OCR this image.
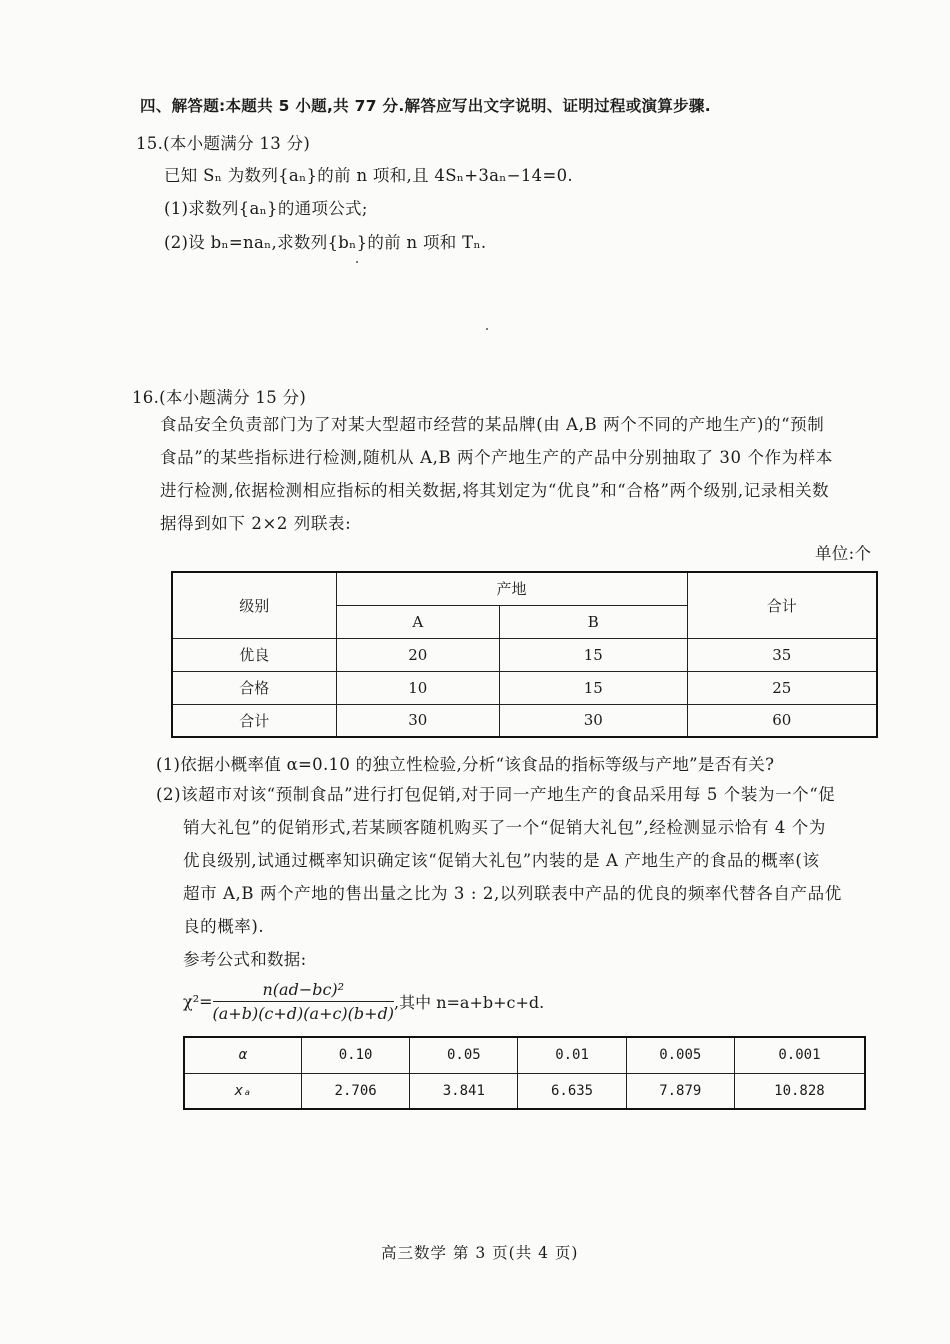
四、解答题:本题共 5 小题,共 77 分.解答应写出文字说明、证明过程或演算步骤.
15.(本小题满分 13 分)
已知 Sₙ 为数列{aₙ}的前 n 项和,且 4Sₙ+3aₙ−14=0.
(1)求数列{aₙ}的通项公式;
(2)设 bₙ=naₙ,求数列{bₙ}的前 n 项和 Tₙ.
16.(本小题满分 15 分)
食品安全负责部门为了对某大型超市经营的某品牌(由 A,B 两个不同的产地生产)的“预制
食品”的某些指标进行检测,随机从 A,B 两个产地生产的产品中分别抽取了 30 个作为样本
进行检测,依据检测相应指标的相关数据,将其划定为“优良”和“合格”两个级别,记录相关数
据得到如下 2×2 列联表:
单位:个
级别	产地		合计
	A	B	
优良	20	15	35
合格	10	15	25
合计	30	30	60
(1)依据小概率值 α=0.10 的独立性检验,分析“该食品的指标等级与产地”是否有关?
(2)该超市对该“预制食品”进行打包促销,对于同一产地生产的食品采用每 5 个装为一个“促
销大礼包”的促销形式,若某顾客随机购买了一个“促销大礼包”,经检测显示恰有 4 个为
优良级别,试通过概率知识确定该“促销大礼包”内装的是 A 产地生产的食品的概率(该
超市 A,B 两个产地的售出量之比为 3 : 2,以列联表中产品的优良的频率代替各自产品优
良的概率).
参考公式和数据:
$\chi^2= \frac{\text{n(ad−bc)²}}{(a+b)(c+d)(a+c)(b+d)}$ ,其中 n=a+b+c+d.
α	0.10	0.05	0.01	0.005	0.001
xₐ	2.706	3.841	6.635	7.879	10.828
高三数学 第 3 页(共 4 页)
